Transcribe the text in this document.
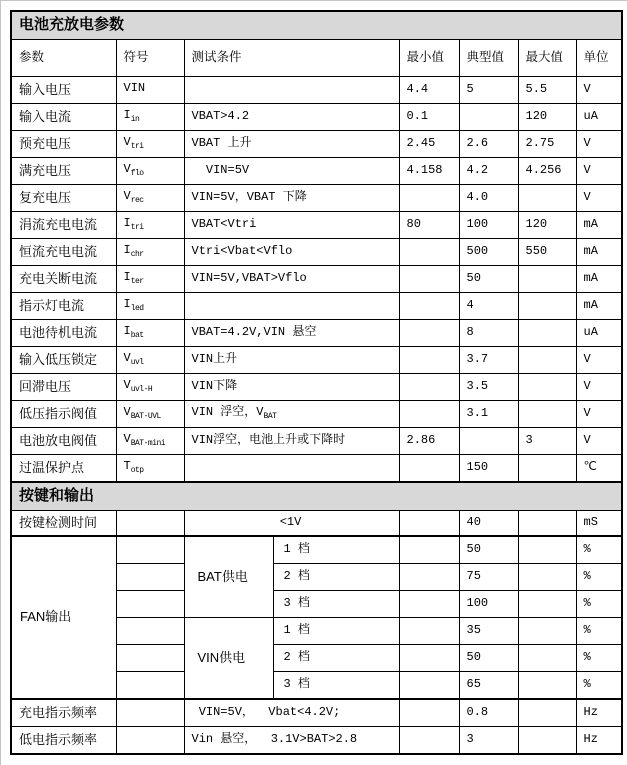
电池充放电参数							
参数	符号	测试条件		最小值	典型值	最大值	单位
输入电压	VIN			4.4	5	5.5	V
输入电流	$I_{in}$	VBAT>4.2		0.1		120	uA
预充电压	$V_{tri}$	VBAT 上升		2.45	2.6	2.75	V
满充电压	$V_{flo}$	VIN=5V		4.158	4.2	4.256	V
复充电压	$V_{rec}$	VIN=5V，VBAT 下降			4.0		V
涓流充电电流	$I_{tri}$	VBAT<Vtri		80	100	120	mA
恒流充电电流	$I_{chr}$	Vtri<Vbat<Vflo			500	550	mA
充电关断电流	$I_{ter}$	VIN=5V,VBAT>Vflo			50		mA
指示灯电流	$I_{led}$				4		mA
电池待机电流	$I_{bat}$	VBAT=4.2V,VIN 悬空			8		uA
输入低压锁定	$V_{uvl}$	VIN上升			3.7		V
回滞电压	$V_{uvl-H}$	VIN下降			3.5		V
低压指示阀值	$V_{BAT-UVL}$	VIN 浮空，$V_{BAT}$			3.1		V
电池放电阀值	$V_{BAT-mini}$	VIN浮空，电池上升或下降时		2.86		3	V
过温保护点	$T_{otp}$				150		℃
按键和输出							
按键检测时间		<1V			40		mS
FAN输出		BAT供电	1 档		50		%
			2 档		75		%
			3 档		100		%
		VIN供电	1 档		35		%
			2 档		50		%
			3 档		65		%
充电指示频率		VIN=5V，  Vbat<4.2V;			0.8		Hz
低电指示频率		Vin 悬空，  3.1V>BAT>2.8			3		Hz
